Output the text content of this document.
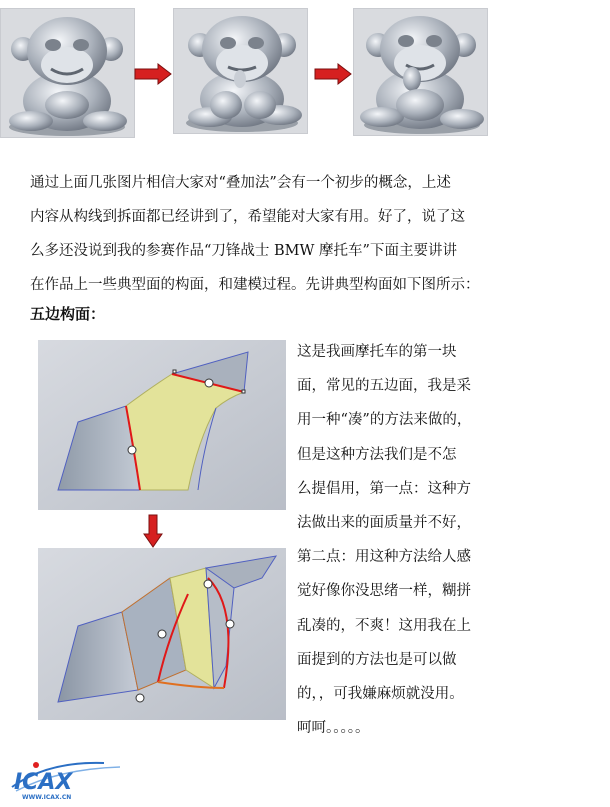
通过上面几张图片相信大家对“叠加法”会有一个初步的概念，上述
内容从构线到拆面都已经讲到了，希望能对大家有用。好了，说了这
么多还没说到我的参赛作品“刀锋战士 BMW 摩托车”下面主要讲讲
在作品上一些典型面的构面，和建模过程。先讲典型构面如下图所示：
五边构面：
这是我画摩托车的第一块
面，常见的五边面，我是采
用一种“凑”的方法来做的，
但是这种方法我们是不怎
么提倡用，第一点：这种方
法做出来的面质量并不好，
第二点：用这种方法给人感
觉好像你没思绪一样，糊拼
乱凑的，不爽！这用我在上
面提到的方法也是可以做
的，，可我嫌麻烦就没用。
呵呵。。。。。
ICAX
WWW.ICAX.CN
